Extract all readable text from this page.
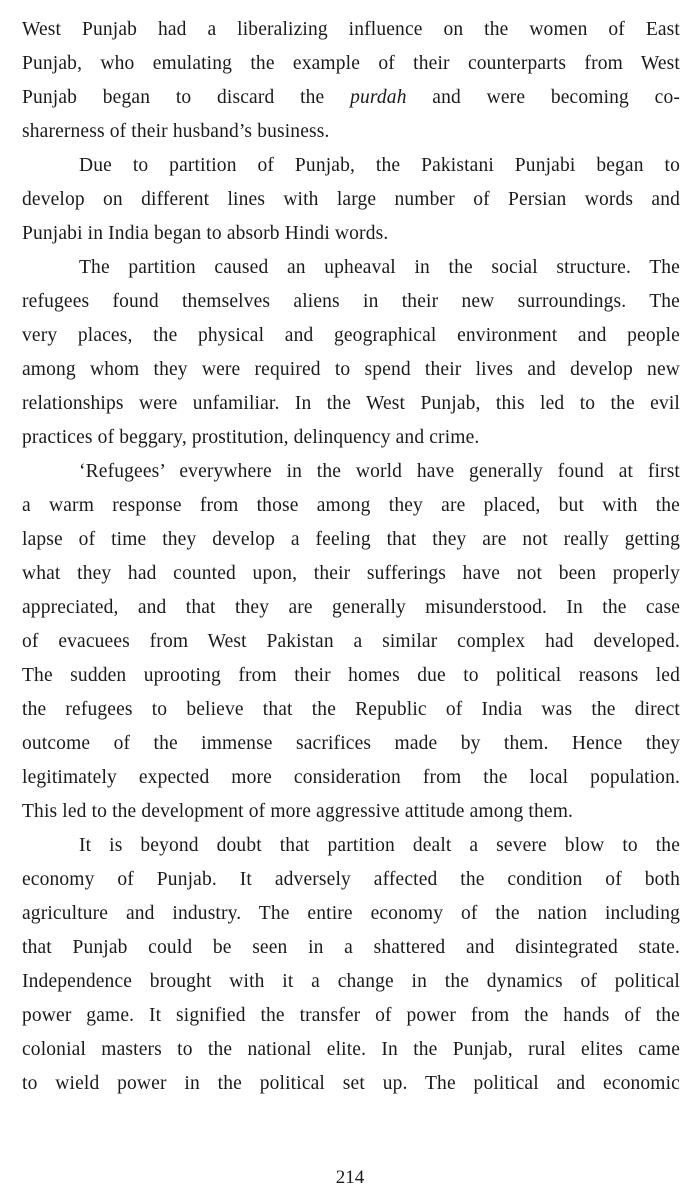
West Punjab had a liberalizing influence on the women of East
Punjab, who emulating the example of their counterparts from West
Punjab began to discard the purdah and were becoming co-
sharerness of their husband’s business.
Due to partition of Punjab, the Pakistani Punjabi began to
develop on different lines with large number of Persian words and
Punjabi in India began to absorb Hindi words.
The partition caused an upheaval in the social structure. The
refugees found themselves aliens in their new surroundings. The
very places, the physical and geographical environment and people
among whom they were required to spend their lives and develop new
relationships were unfamiliar. In the West Punjab, this led to the evil
practices of beggary, prostitution, delinquency and crime.
‘Refugees’ everywhere in the world have generally found at first
a warm response from those among they are placed, but with the
lapse of time they develop a feeling that they are not really getting
what they had counted upon, their sufferings have not been properly
appreciated, and that they are generally misunderstood. In the case
of evacuees from West Pakistan a similar complex had developed.
The sudden uprooting from their homes due to political reasons led
the refugees to believe that the Republic of India was the direct
outcome of the immense sacrifices made by them. Hence they
legitimately expected more consideration from the local population.
This led to the development of more aggressive attitude among them.
It is beyond doubt that partition dealt a severe blow to the
economy of Punjab. It adversely affected the condition of both
agriculture and industry. The entire economy of the nation including
that Punjab could be seen in a shattered and disintegrated state.
Independence brought with it a change in the dynamics of political
power game. It signified the transfer of power from the hands of the
colonial masters to the national elite. In the Punjab, rural elites came
to wield power in the political set up. The political and economic
214
